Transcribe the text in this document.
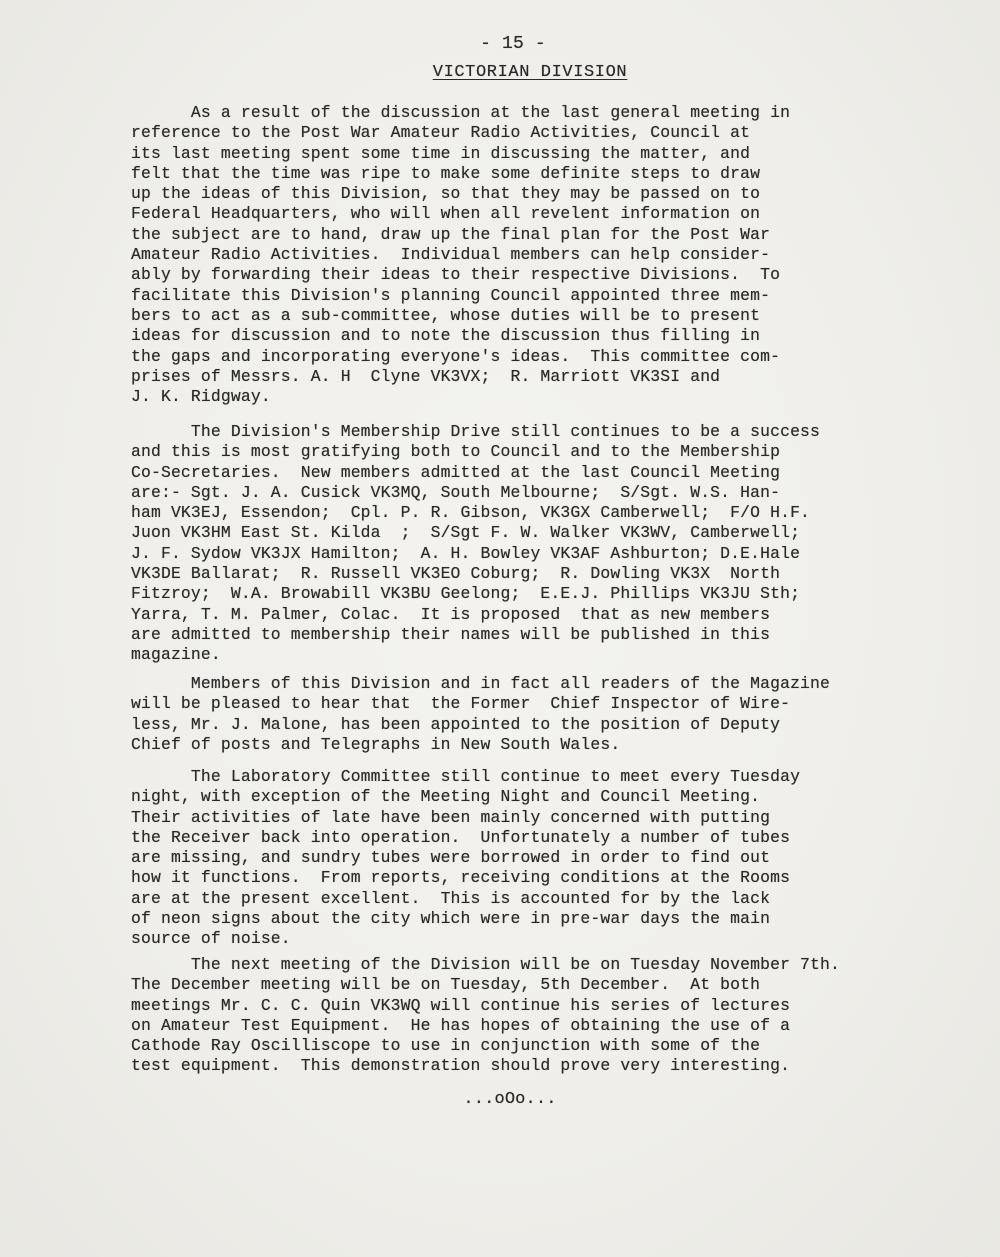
- 15 -
VICTORIAN DIVISION
As a result of the discussion at the last general meeting in
reference to the Post War Amateur Radio Activities, Council at
its last meeting spent some time in discussing the matter, and
felt that the time was ripe to make some definite steps to draw
up the ideas of this Division, so that they may be passed on to
Federal Headquarters, who will when all revelent information on
the subject are to hand, draw up the final plan for the Post War
Amateur Radio Activities.  Individual members can help consider-
ably by forwarding their ideas to their respective Divisions.  To
facilitate this Division's planning Council appointed three mem-
bers to act as a sub-committee, whose duties will be to present
ideas for discussion and to note the discussion thus filling in
the gaps and incorporating everyone's ideas.  This committee com-
prises of Messrs. A. H  Clyne VK3VX;  R. Marriott VK3SI and
J. K. Ridgway.
The Division's Membership Drive still continues to be a success
and this is most gratifying both to Council and to the Membership
Co-Secretaries.  New members admitted at the last Council Meeting
are:- Sgt. J. A. Cusick VK3MQ, South Melbourne;  S/Sgt. W.S. Han-
ham VK3EJ, Essendon;  Cpl. P. R. Gibson, VK3GX Camberwell;  F/O H.F.
Juon VK3HM East St. Kilda  ;  S/Sgt F. W. Walker VK3WV, Camberwell;
J. F. Sydow VK3JX Hamilton;  A. H. Bowley VK3AF Ashburton; D.E.Hale
VK3DE Ballarat;  R. Russell VK3EO Coburg;  R. Dowling VK3X  North
Fitzroy;  W.A. Browabill VK3BU Geelong;  E.E.J. Phillips VK3JU Sth;
Yarra, T. M. Palmer, Colac.  It is proposed  that as new members
are admitted to membership their names will be published in this
magazine.
Members of this Division and in fact all readers of the Magazine
will be pleased to hear that  the Former  Chief Inspector of Wire-
less, Mr. J. Malone, has been appointed to the position of Deputy
Chief of posts and Telegraphs in New South Wales.
The Laboratory Committee still continue to meet every Tuesday
night, with exception of the Meeting Night and Council Meeting.
Their activities of late have been mainly concerned with putting
the Receiver back into operation.  Unfortunately a number of tubes
are missing, and sundry tubes were borrowed in order to find out
how it functions.  From reports, receiving conditions at the Rooms
are at the present excellent.  This is accounted for by the lack
of neon signs about the city which were in pre-war days the main
source of noise.
The next meeting of the Division will be on Tuesday November 7th.
The December meeting will be on Tuesday, 5th December.  At both
meetings Mr. C. C. Quin VK3WQ will continue his series of lectures
on Amateur Test Equipment.  He has hopes of obtaining the use of a
Cathode Ray Oscilliscope to use in conjunction with some of the
test equipment.  This demonstration should prove very interesting.
...oOo...
